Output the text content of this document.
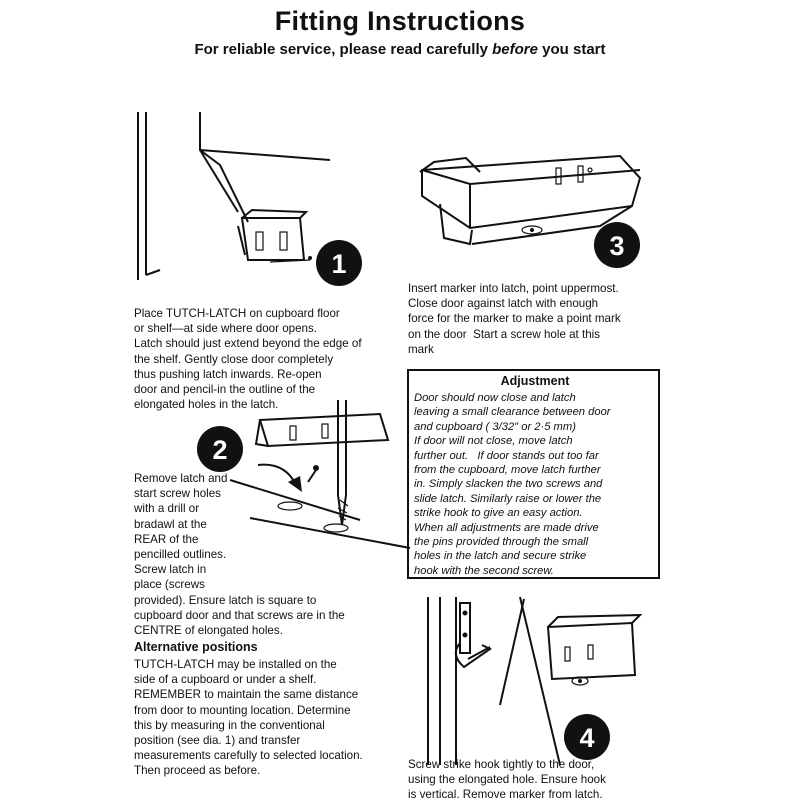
Fitting Instructions
For reliable service, please read carefully before you start
1
Place TUTCH-LATCH on cupboard floor
or shelf—at side where door opens.
Latch should just extend beyond the edge of
the shelf. Gently close door completely
thus pushing latch inwards. Re-open
door and pencil-in the outline of the
elongated holes in the latch.
2
Remove latch and
start screw holes
with a drill or
bradawl at the
REAR of the
pencilled outlines.
Screw latch in
place (screws
provided). Ensure latch is square to
cupboard door and that screws are in the
CENTRE of elongated holes.
Alternative positions
TUTCH-LATCH may be installed on the
side of a cupboard or under a shelf.
REMEMBER to maintain the same distance
from door to mounting location. Determine
this by measuring in the conventional
position (see dia. 1) and transfer
measurements carefully to selected location.
Then proceed as before.
3
Insert marker into latch, point uppermost.
Close door against latch with enough
force for the marker to make a point mark
on the door  Start a screw hole at this
mark
Adjustment
Door should now close and latch
leaving a small clearance between door
and cupboard ( 3/32" or 2·5 mm)
If door will not close, move latch
further out.   If door stands out too far
from the cupboard, move latch further
in. Simply slacken the two screws and
slide latch. Similarly raise or lower the
strike hook to give an easy action.
When all adjustments are made drive
the pins provided through the small
holes in the latch and secure strike
hook with the second screw.
4
Screw strike hook tightly to the door,
using the elongated hole. Ensure hook
is vertical. Remove marker from latch.
